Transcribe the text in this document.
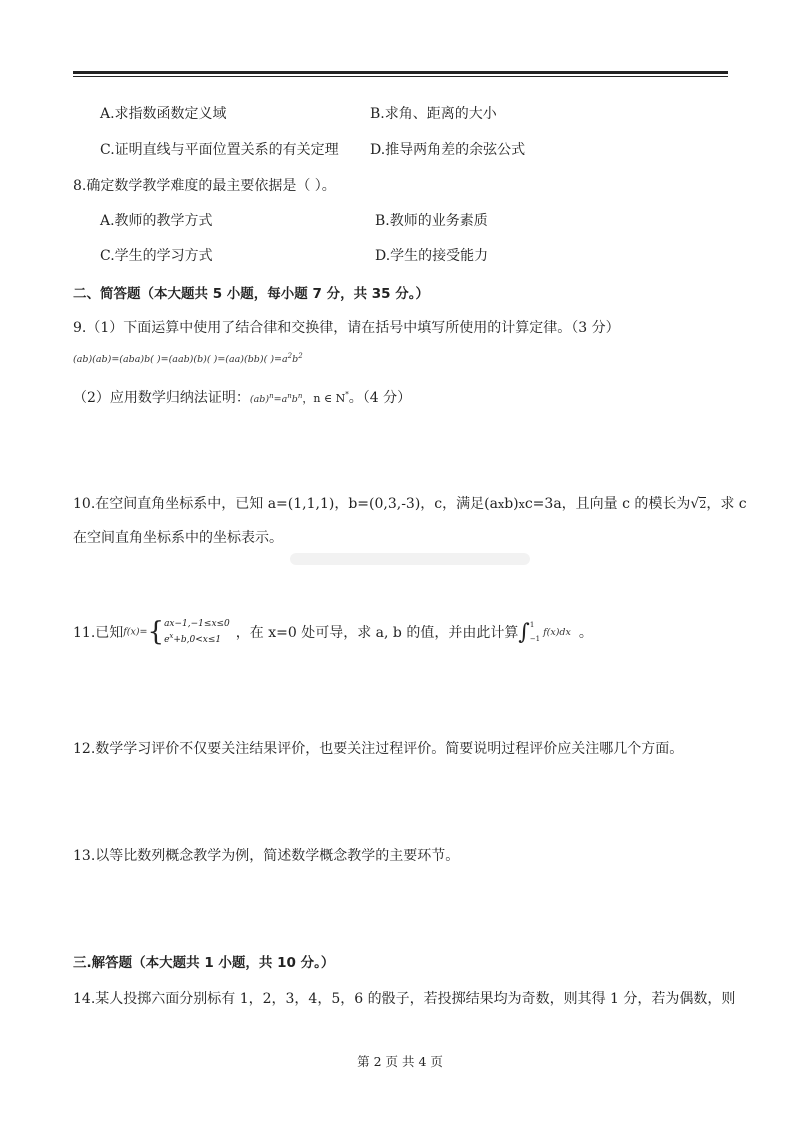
A.求指数函数定义域	B.求角、距离的大小
C.证明直线与平面位置关系的有关定理 D.推导两角差的余弦公式
8.确定数学教学难度的最主要依据是（ ）。
A.教师的教学方式	B.教师的业务素质
C.学生的学习方式	D.学生的接受能力
二、简答题（本大题共 5 小题，每小题 7 分，共 35 分。）
9.（1）下面运算中使用了结合律和交换律，请在括号中填写所使用的计算定律。（3 分）
(ab)(ab)=(aba)b( )=(aab)(b)( )=(aa)(bb)( )$=a^2b^2$
（2）应用数学归纳法证明：$(ab)^n=a^nb^n$，n ∈ N*。（4 分）
10.在空间直角坐标系中，已知 a=(1,1,1)，b=(0,3,-3)，c，满足(axb)xc=3a，且向量 c 的模长为√2，求 c
在空间直角坐标系中的坐标表示。
11.已知f(x)={ax−1,−1≤x≤0
$e^x+b,0<x\le 1$ ，在 x=0 处可导，求 a, b 的值，并由此计算∫1
−1f(x)dx 。
12.数学学习评价不仅要关注结果评价，也要关注过程评价。简要说明过程评价应关注哪几个方面。
13.以等比数列概念教学为例，简述数学概念教学的主要环节。
三.解答题（本大题共 1 小题，共 10 分。）
14.某人投掷六面分别标有 1，2，3，4，5，6 的骰子，若投掷结果均为奇数，则其得 1 分，若为偶数，则
第 2 页 共 4 页
